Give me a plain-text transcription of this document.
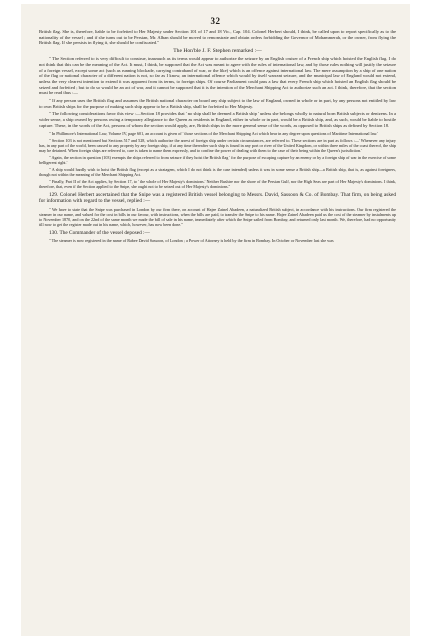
32

Britisb flag. She is, therefore, liable to be forfeited to Her Majesty under Section 101 of 17 and 18 Vic., Cap. 104. Colonel Herbert should, I think, be called upon to report specifically as to the nationality of the vessel ; and if she turns out to be Persian, Mr. Alban should be moved to remonstrate and obtain orders forbidding the Governor of Mohammerah, or the owner, from flying the British flag. If she persists in flying it, she should be confiscated."

The Hon'ble J. F. Stephen remarked :—

" The Section referred to is very difficult to construe, inasmuch as its terms would appear to authorize the seizure by an English cruiser of a French ship which hoisted the English flag. I do not think that this can be the meaning of the Act. It must, I think, be supposed that the Act was meant to agree with the rules of international law, and by those rules nothing will justify the seizure of a foreign vessel, except some act (such as running blockade, carrying contraband of war, or the like) which is an offence against international law. The mere assumption by a ship of one nation of the flag or national character of a different nation is not, so far as I know, an international offence which would by itself warrant seizure, and the municipal law of England would not extend, unless the very clearest intention to extend it was apparent from its terms, to foreign ships. Of course Parliament could pass a law that every French ship which hoisted an English flag should be seized and forfeited ; but to do so would be an act of war, and it cannot be supposed that it is the intention of the Merchant Shipping Act to authorize such an act. I think, therefore, that the section must be read thus :—

" If any person uses the British flag and assumes the British national character on board any ship subject to the law of England, owned in whole or in part, by any persons not entitled by law to own British ships for the purpose of making such ship appear to be a British ship, shall be forfeited to Her Majesty.

" The following considerations favor this view :—Section 18 provides that ' no ship shall be deemed a British ship ' unless she belongs wholly to natural born British subjects or denizens. In a wider sense, a ship owned by persons owing a temporary allegiance to the Queen as residents in England, either in whole or in part, would be a British ship, and, as such, would be liable to hostile capture. These, in the words of the Act, persons of whom the section would apply, are, British ships in the more general sense of the words, as opposed to British ships as defined by Section 18.

" In Phillimore's International Law, Volume IV, page 601, an account is given of ' those sections of the Merchant Shipping Act which bear in any degree upon questions of Maritime International law.'

" Section 103 is not mentioned but Sections 517 and 528, which authorize the arrest of foreign ship under certain circumstances, are referred to. These sections are in part as follows :—' Whenever any injury has, in any part of the world, been caused to any property by any foreign ship, if at any time thereafter such ship is found in any port or river of the United Kingdom, or within three miles of the coast thereof, the ship may be detained. When foreign ships are referred to, care is taken to name them expressly, and to confine the power of dealing with them to the case of their being within the Queen's jurisdiction.'

" Again, the section in question (103) exempts the ships referred to from seizure if they hoist the British flag ' for the purpose of escaping capture by an enemy or by a foreign ship of war in the exercise of some belligerent right.'

" A ship would hardly wish to hoist the British flag (except as a stratagem, which I do not think is the case intended) unless it was in some sense a British ship—a British ship, that is, as against foreigners, though not within the meaning of the Merchant Shipping Act.

" Finally, Part II of the Act applies, by Section 17, to ' the whole of Her Majesty's dominions.' Neither Bushire nor the shore of the Persian Gulf, nor the High Seas are part of Her Majesty's dominions. I think, therefore, that, even if the Section applied to the Snipe, she ought not to be seized out of Her Majesty's dominions."

129. Colonel Herbert ascertained that the Snipe was a registered British vessel belonging to Messrs. David, Sassoon & Co. of Bombay. That firm, on being asked for information with regard to the vessel, replied :—

" We have to state that the Snipe was purchased in London by our firm there, on account of Hajee Zainel Abadeen, a naturalized British subject, in accordance with his instructions. Our firm registered the steamer in our name, and valued for the cost in bills in our favour, with instructions, when the bills are paid, to transfer the Snipe to his name. Hajee Zainel Abadeen paid us the cost of the steamer by instalments up to November 1870, and on the 22nd of the same month we made the bill of sale in his name, immediately after which the Snipe sailed from Bombay, and returned only last month. We, therefore, had no opportunity till now to get the register made out in his name, which, however, has now been done."

130. The Commander of the vessel deposed :—

" The steamer is now registered in the name of Rabee David Sassoon, of London ; a Power of Attorney is held by the firm in Bombay. In October or November last she was
